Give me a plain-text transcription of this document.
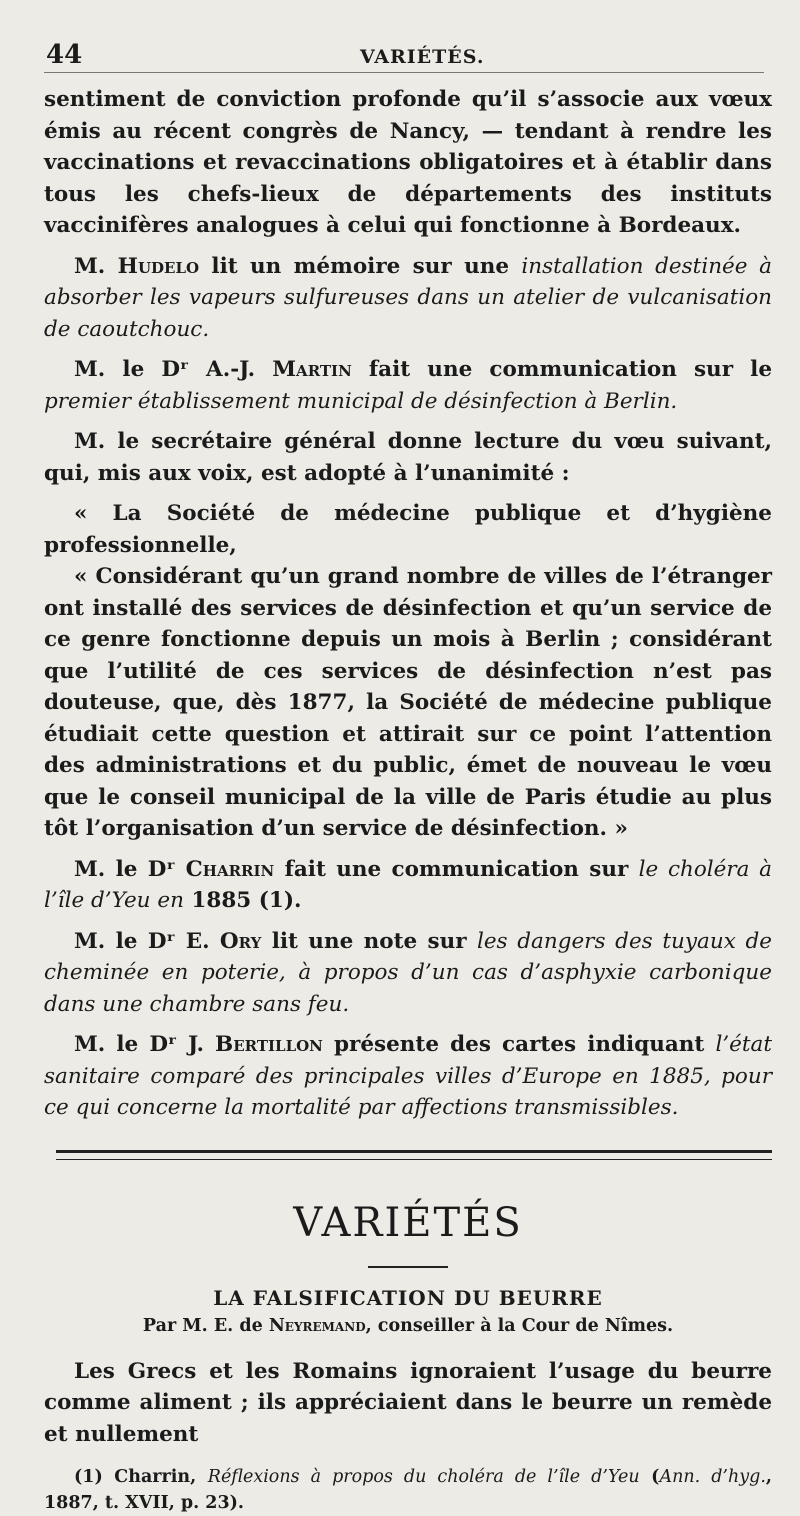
44	VARIÉTÉS.

sentiment de conviction profonde qu’il s’associe aux vœux émis au récent congrès de Nancy, — tendant à rendre les vaccinations et revaccinations obligatoires et à établir dans tous les chefs-lieux de départements des instituts vaccinifères analogues à celui qui fonctionne à Bordeaux.

M. Hudelo lit un mémoire sur une installation destinée à absorber les vapeurs sulfureuses dans un atelier de vulcanisation de caoutchouc.

M. le Dʳ A.-J. Martin fait une communication sur le premier établissement municipal de désinfection à Berlin.

M. le secrétaire général donne lecture du vœu suivant, qui, mis aux voix, est adopté à l’unanimité :

« La Société de médecine publique et d’hygiène professionnelle,

« Considérant qu’un grand nombre de villes de l’étranger ont installé des services de désinfection et qu’un service de ce genre fonctionne depuis un mois à Berlin ; considérant que l’utilité de ces services de désinfection n’est pas douteuse, que, dès 1877, la Société de médecine publique étudiait cette question et attirait sur ce point l’attention des administrations et du public, émet de nouveau le vœu que le conseil municipal de la ville de Paris étudie au plus tôt l’organisation d’un service de désinfection. »

M. le Dʳ Charrin fait une communication sur le choléra à l’île d’Yeu en 1885 (1).

M. le Dʳ E. Ory lit une note sur les dangers des tuyaux de cheminée en poterie, à propos d’un cas d’asphyxie carbonique dans une chambre sans feu.

M. le Dʳ J. Bertillon présente des cartes indiquant l’état sanitaire comparé des principales villes d’Europe en 1885, pour ce qui concerne la mortalité par affections transmissibles.

VARIÉTÉS
LA FALSIFICATION DU BEURRE
Par M. E. de Neyremand, conseiller à la Cour de Nîmes.

Les Grecs et les Romains ignoraient l’usage du beurre comme aliment ; ils appréciaient dans le beurre un remède et nullement

(1) Charrin, Réflexions à propos du choléra de l’île d’Yeu (Ann. d’hyg., 1887, t. XVII, p. 23).
